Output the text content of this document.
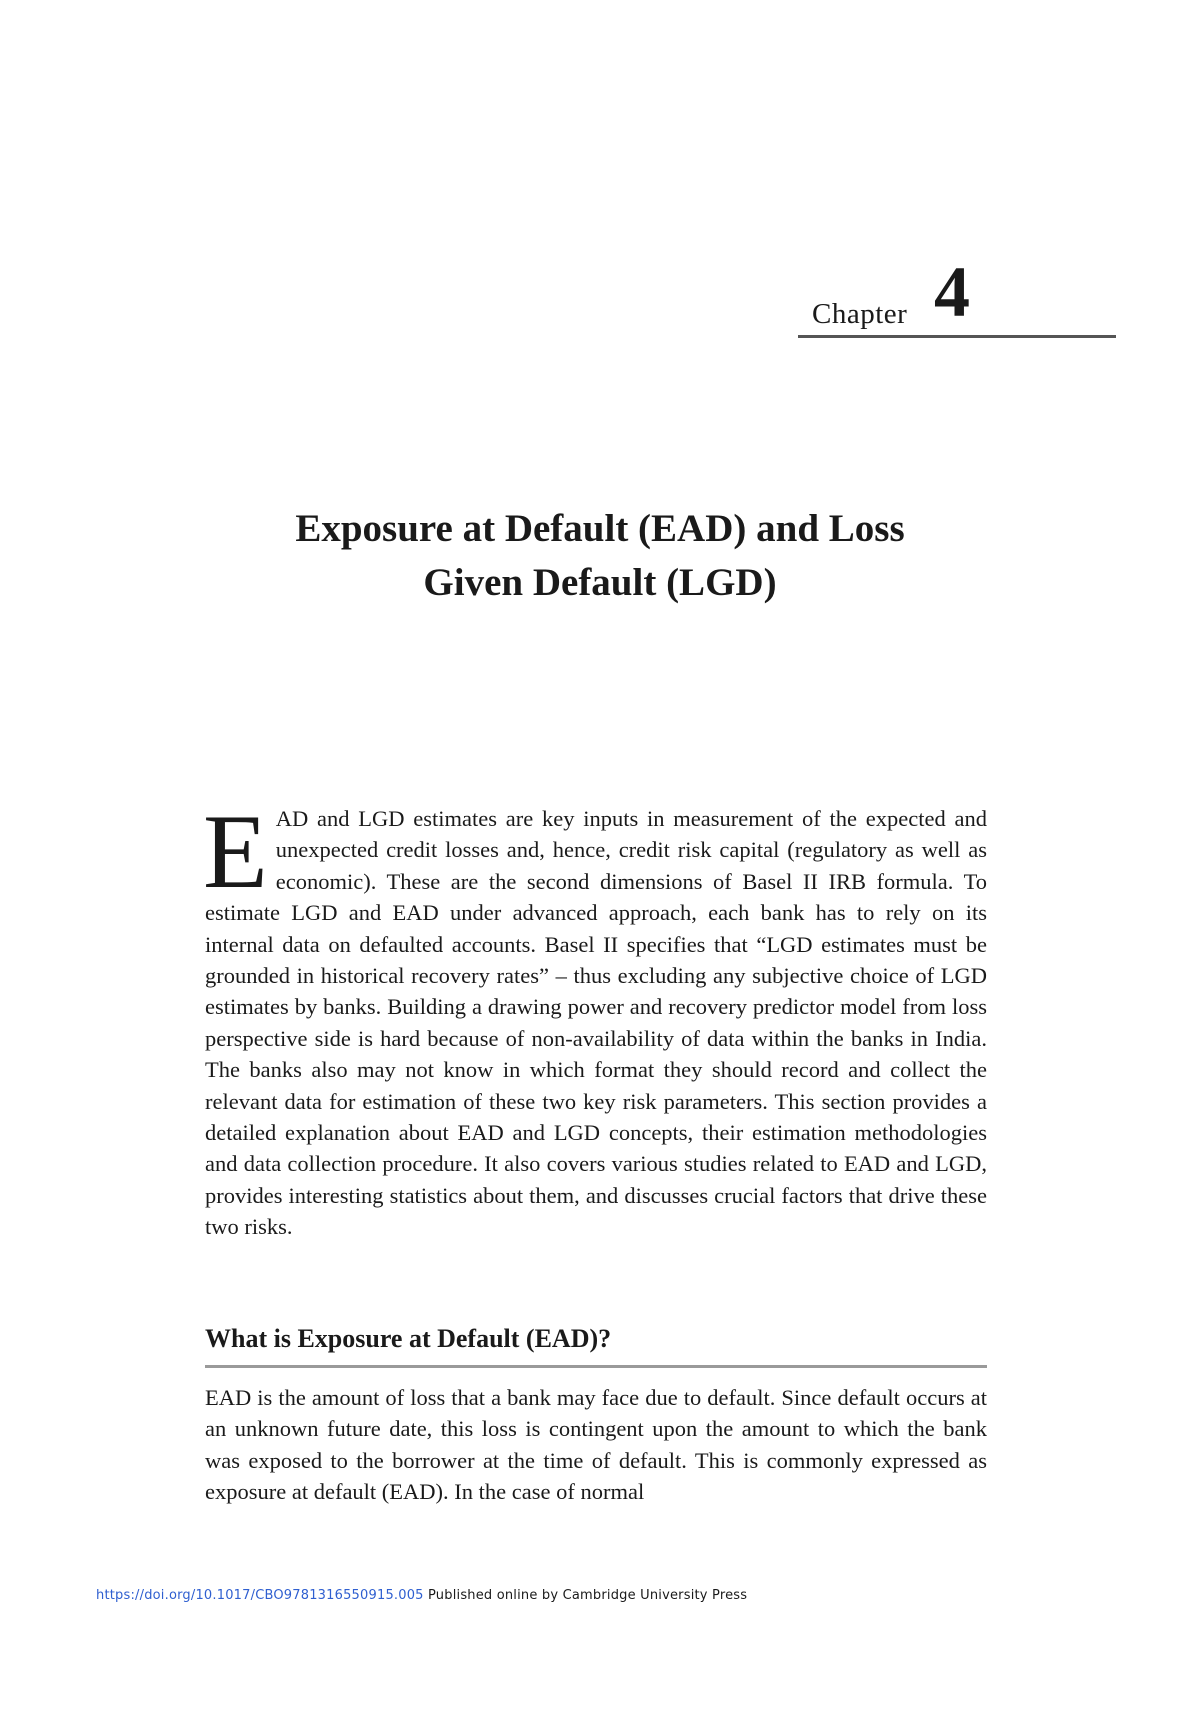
Chapter 4
Exposure at Default (EAD) and Loss
Given Default (LGD)
EAD and LGD estimates are key inputs in measurement of the expected and unexpected credit losses and, hence, credit risk capital (regulatory as well as economic). These are the second dimensions of Basel II IRB formula. To estimate LGD and EAD under advanced approach, each bank has to rely on its internal data on defaulted accounts. Basel II specifies that “LGD estimates must be grounded in historical recovery rates” – thus excluding any subjective choice of LGD estimates by banks. Building a drawing power and recovery predictor model from loss perspective side is hard because of non-availability of data within the banks in India. The banks also may not know in which format they should record and collect the relevant data for estimation of these two key risk parameters. This section provides a detailed explanation about EAD and LGD concepts, their estimation methodologies and data collection procedure. It also covers various studies related to EAD and LGD, provides interesting statistics about them, and discusses crucial factors that drive these two risks.
What is Exposure at Default (EAD)?
EAD is the amount of loss that a bank may face due to default. Since default occurs at an unknown future date, this loss is contingent upon the amount to which the bank was exposed to the borrower at the time of default. This is commonly expressed as exposure at default (EAD). In the case of normal
https://doi.org/10.1017/CBO9781316550915.005 Published online by Cambridge University Press
